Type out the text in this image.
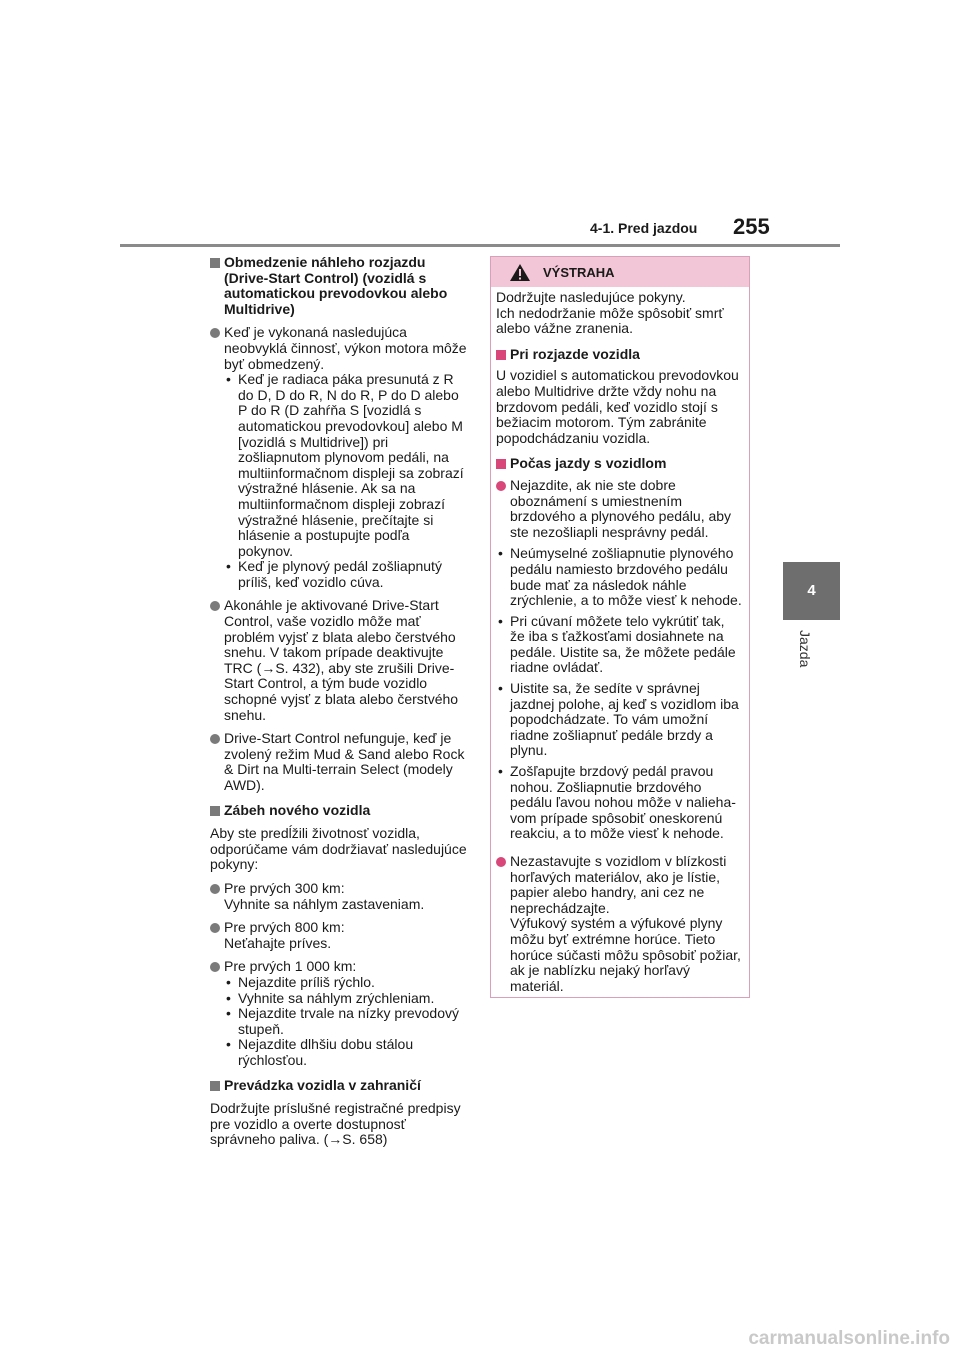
4-1. Pred jazdou 255
4
Jazda
Obmedzenie náhleho rozjazdu (Drive-Start Control) (vozidlá s automatickou prevodovkou alebo Multidrive)
Keď je vykonaná nasledujúca neobvyklá činnosť, výkon motora môže byť obmedzený.
• Keď je radiaca páka presunutá z R do D, D do R, N do R, P do D alebo P do R (D zahŕňa S [vozidlá s automatickou prevodovkou] alebo M [vozidlá s Multidrive]) pri zošliapnutom plynovom pedáli, na multiinformačnom displeji sa zobrazí výstražné hlásenie. Ak sa na multiinformačnom displeji zobrazí výstražné hlásenie, prečítajte si hlásenie a postupujte podľa pokynov.
• Keď je plynový pedál zošliapnutý príliš, keď vozidlo cúva.
Akonáhle je aktivované Drive-Start Control, vaše vozidlo môže mať problém vyjsť z blata alebo čerstvého snehu. V takom prípade deaktivujte TRC (→S. 432), aby ste zrušili Drive-Start Control, a tým bude vozidlo schopné vyjsť z blata alebo čerstvého snehu.
Drive-Start Control nefunguje, keď je zvolený režim Mud & Sand alebo Rock & Dirt na Multi-terrain Select (modely AWD).
Zábeh nového vozidla
Aby ste predĺžili životnosť vozidla, odporúčame vám dodržiavať nasledujúce pokyny:
Pre prvých 300 km:
Vyhnite sa náhlym zastaveniam.
Pre prvých 800 km:
Neťahajte príves.
Pre prvých 1 000 km:
• Nejazdite príliš rýchlo.
• Vyhnite sa náhlym zrýchleniam.
• Nejazdite trvale na nízky prevodový stupeň.
• Nejazdite dlhšiu dobu stálou rýchlosťou.
Prevádzka vozidla v zahraničí
Dodržujte príslušné registračné predpisy pre vozidlo a overte dostupnosť správneho paliva. (→S. 658)
VÝSTRAHA
Dodržujte nasledujúce pokyny.
Ich nedodržanie môže spôsobiť smrť alebo vážne zranenia.
Pri rozjazde vozidla
U vozidiel s automatickou prevodovkou alebo Multidrive držte vždy nohu na brzdovom pedáli, keď vozidlo stojí s bežiacim motorom. Tým zabránite popodchádzaniu vozidla.
Počas jazdy s vozidlom
Nejazdite, ak nie ste dobre oboznámení s umiestnením brzdového a plynového pedálu, aby ste nezošliapli nesprávny pedál.
• Neúmyselné zošliapnutie plynového pedálu namiesto brzdového pedálu bude mať za následok náhle zrýchlenie, a to môže viesť k nehode.
• Pri cúvaní môžete telo vykrútiť tak, že iba s ťažkosťami dosiahnete na pedále. Uistite sa, že môžete pedále riadne ovládať.
• Uistite sa, že sedíte v správnej jazdnej polohe, aj keď s vozidlom iba popodchádzate. To vám umožní riadne zošliapnuť pedále brzdy a plynu.
• Zošľapujte brzdový pedál pravou nohou. Zošliapnutie brzdového pedálu ľavou nohou môže v naliehavom prípade spôsobiť oneskorenú reakciu, a to môže viesť k nehode.
Nezastavujte s vozidlom v blízkosti horľavých materiálov, ako je lístie, papier alebo handry, ani cez ne neprechádzajte.
Výfukový systém a výfukové plyny môžu byť extrémne horúce. Tieto horúce súčasti môžu spôsobiť požiar, ak je nablízku nejaký horľavý materiál.
carmanualsonline.info
